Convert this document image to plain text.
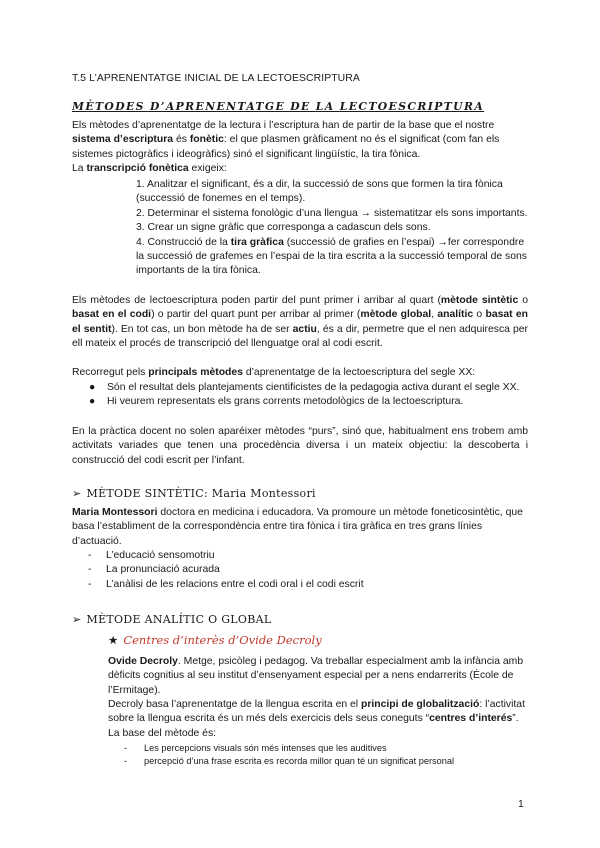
T.5 L’APRENENTATGE INICIAL DE LA LECTOESCRIPTURA
MÈTODES D’APRENENTATGE DE LA LECTOESCRIPTURA
Els mètodes d’aprenentatge de la lectura i l’escriptura han de partir de la base que el nostre sistema d’escriptura és fonètic: el que plasmen gràficament no és el significat (com fan els sistemes pictogràfics i ideogràfics) sinó el significant lingüístic, la tira fònica.
La transcripció fonètica exigeix:

1. Analitzar el significant, és a dir, la successió de sons que formen la tira fònica (successió de fonemes en el temps).

2. Determinar el sistema fonològic d’una llengua → sistematitzar els sons importants.

3. Crear un signe gràfic que corresponga a cadascun dels sons.

4. Construcció de la tira gràfica (successió de grafies en l’espai) →fer correspondre la successió de grafemes en l’espai de la tira escrita a la successió temporal de sons importants de la tira fònica.

Els mètodes de lectoescriptura poden partir del punt primer i arribar al quart (mètode sintètic o basat en el codi) o partir del quart punt per arribar al primer (mètode global, analític o basat en el sentit). En tot cas, un bon mètode ha de ser actiu, és a dir, permetre que el nen adquiresca per ell mateix el procés de transcripció del llenguatge oral al codi escrit.
Recorregut pels principals mètodes d’aprenentatge de la lectoescriptura del segle XX:
● Són el resultat dels plantejaments cientificistes de la pedagogia activa durant el segle XX.
● Hi veurem representats els grans corrents metodològics de la lectoescriptura.
En la pràctica docent no solen aparéixer mètodes “purs”, sinó que, habitualment ens trobem amb activitats variades que tenen una procedència diversa i un mateix objectiu: la descoberta i construcció del codi escrit per l’infant.
➢ MÈTODE SINTÈTIC: Maria Montessori
Maria Montessori doctora en medicina i educadora. Va promoure un mètode foneticosintètic, que basa l’establiment de la correspondència entre tira fònica i tira gràfica en tres grans línies d’actuació.
- L’educació sensomotriu
- La pronunciació acurada
- L’anàlisi de les relacions entre el codi oral i el codi escrit
➢ MÈTODE ANALÍTIC O GLOBAL
★ Centres d’interès d’Ovide Decroly
Ovide Decroly. Metge, psicòleg i pedagog. Va treballar especialment amb la infància amb dèficits cognitius al seu institut d’ensenyament especial per a nens endarrerits (École de l’Ermitage).
Decroly basa l’aprenentatge de la llengua escrita en el principi de globalització: l’activitat sobre la llengua escrita és un més dels exercicis dels seus coneguts “centres d’interés”. La base del mètode és:
- Les percepcions visuals són més intenses que les auditives
- percepció d’una frase escrita es recorda millor quan té un significat personal
1
